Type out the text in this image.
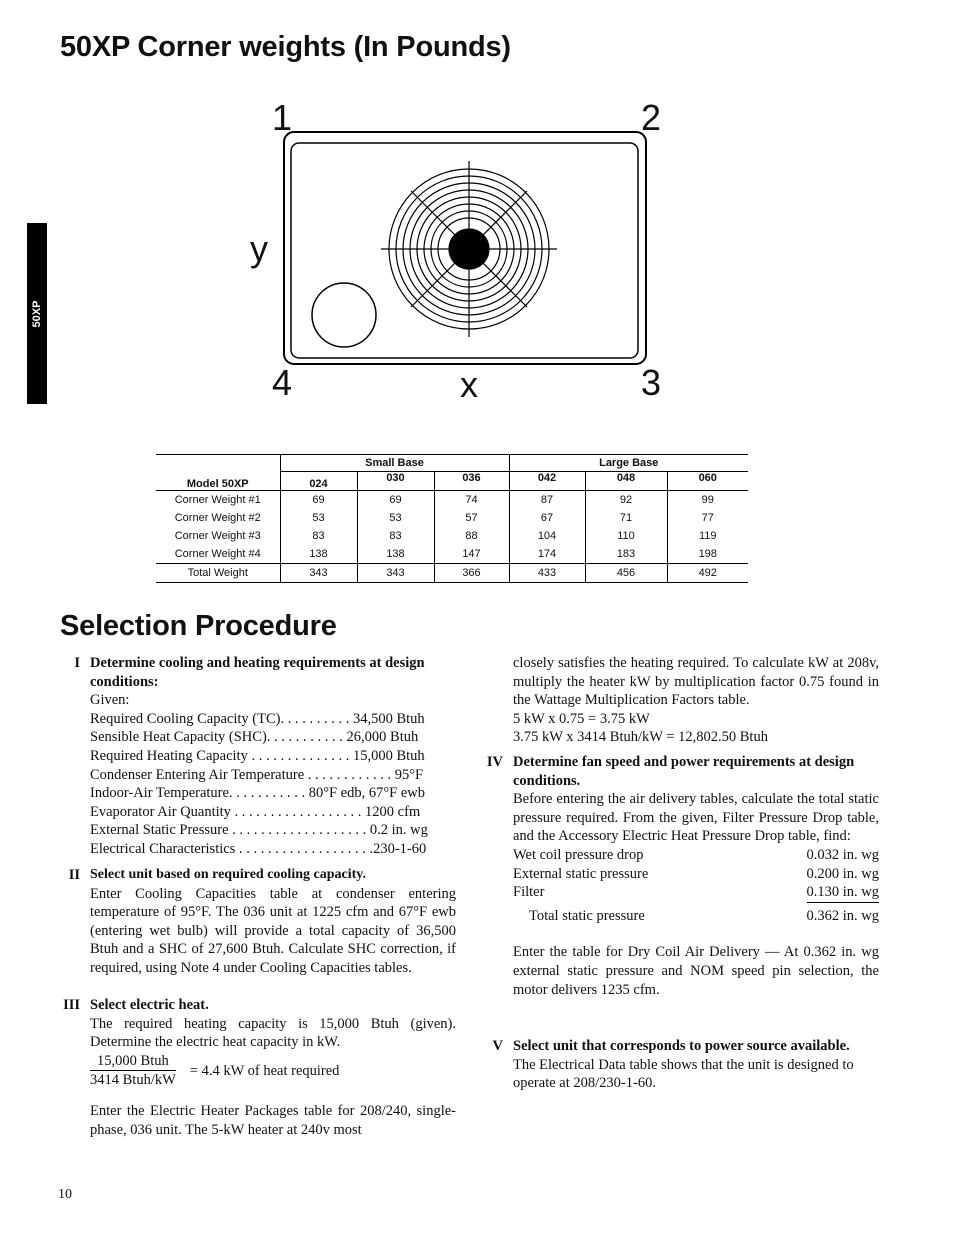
50XP Corner weights (In Pounds)
50XP
1	2
3
4
y
x
	Small Base			Large Base		
Model 50XP	024	030	036	042	048	060
Corner Weight #1	69	69	74	87	92	99
Corner Weight #2	53	53	57	67	71	77
Corner Weight #3	83	83	88	104	110	119
Corner Weight #4	138	138	147	174	183	198
Total Weight	343	343	366	433	456	492
Selection Procedure
I Determine cooling and heating requirements at design conditions:
Given:
Required Cooling Capacity (TC). . . . . . . . . . 34,500 Btuh
Sensible Heat Capacity (SHC). . . . . . . . . . . 26,000 Btuh
Required Heating Capacity . . . . . . . . . . . . . . 15,000 Btuh
Condenser Entering Air Temperature . . . . . . . . . . . . 95°F
Indoor-Air Temperature. . . . . . . . . . . 80°F edb, 67°F ewb
Evaporator Air Quantity . . . . . . . . . . . . . . . . . . 1200 cfm
External Static Pressure . . . . . . . . . . . . . . . . . . . 0.2 in. wg
Electrical Characteristics . . . . . . . . . . . . . . . . . . .230-1-60
II Select unit based on required cooling capacity.
Enter Cooling Capacities table at condenser entering temperature of 95°F. The 036 unit at 1225 cfm and 67°F ewb (entering wet bulb) will provide a total capacity of 36,500 Btuh and a SHC of 27,600 Btuh. Calculate SHC correction, if required, using Note 4 under Cooling Capacities tables.
III Select electric heat.
The required heating capacity is 15,000 Btuh (given). Determine the electric heat capacity in kW.
15,000 Btuh
3414 Btuh/kW
= 4.4 kW of heat required
Enter the Electric Heater Packages table for 208/240, single-phase, 036 unit. The 5-kW heater at 240v most
closely satisfies the heating required. To calculate kW at 208v, multiply the heater kW by multiplication factor 0.75 found in the Wattage Multiplication Factors table.
5 kW x 0.75 = 3.75 kW
3.75 kW x 3414 Btuh/kW = 12,802.50 Btuh
IV Determine fan speed and power requirements at design conditions.
Before entering the air delivery tables, calculate the total static pressure required. From the given, Filter Pressure Drop table, and the Accessory Electric Heat Pressure Drop table, find:
Wet coil pressure drop	0.032 in. wg
External static pressure	0.200 in. wg
Filter	0.130 in. wg
Total static pressure	0.362 in. wg
Enter the table for Dry Coil Air Delivery — At 0.362 in. wg external static pressure and NOM speed pin selection, the motor delivers 1235 cfm.
V Select unit that corresponds to power source available.
The Electrical Data table shows that the unit is designed to operate at 208/230-1-60.
10
